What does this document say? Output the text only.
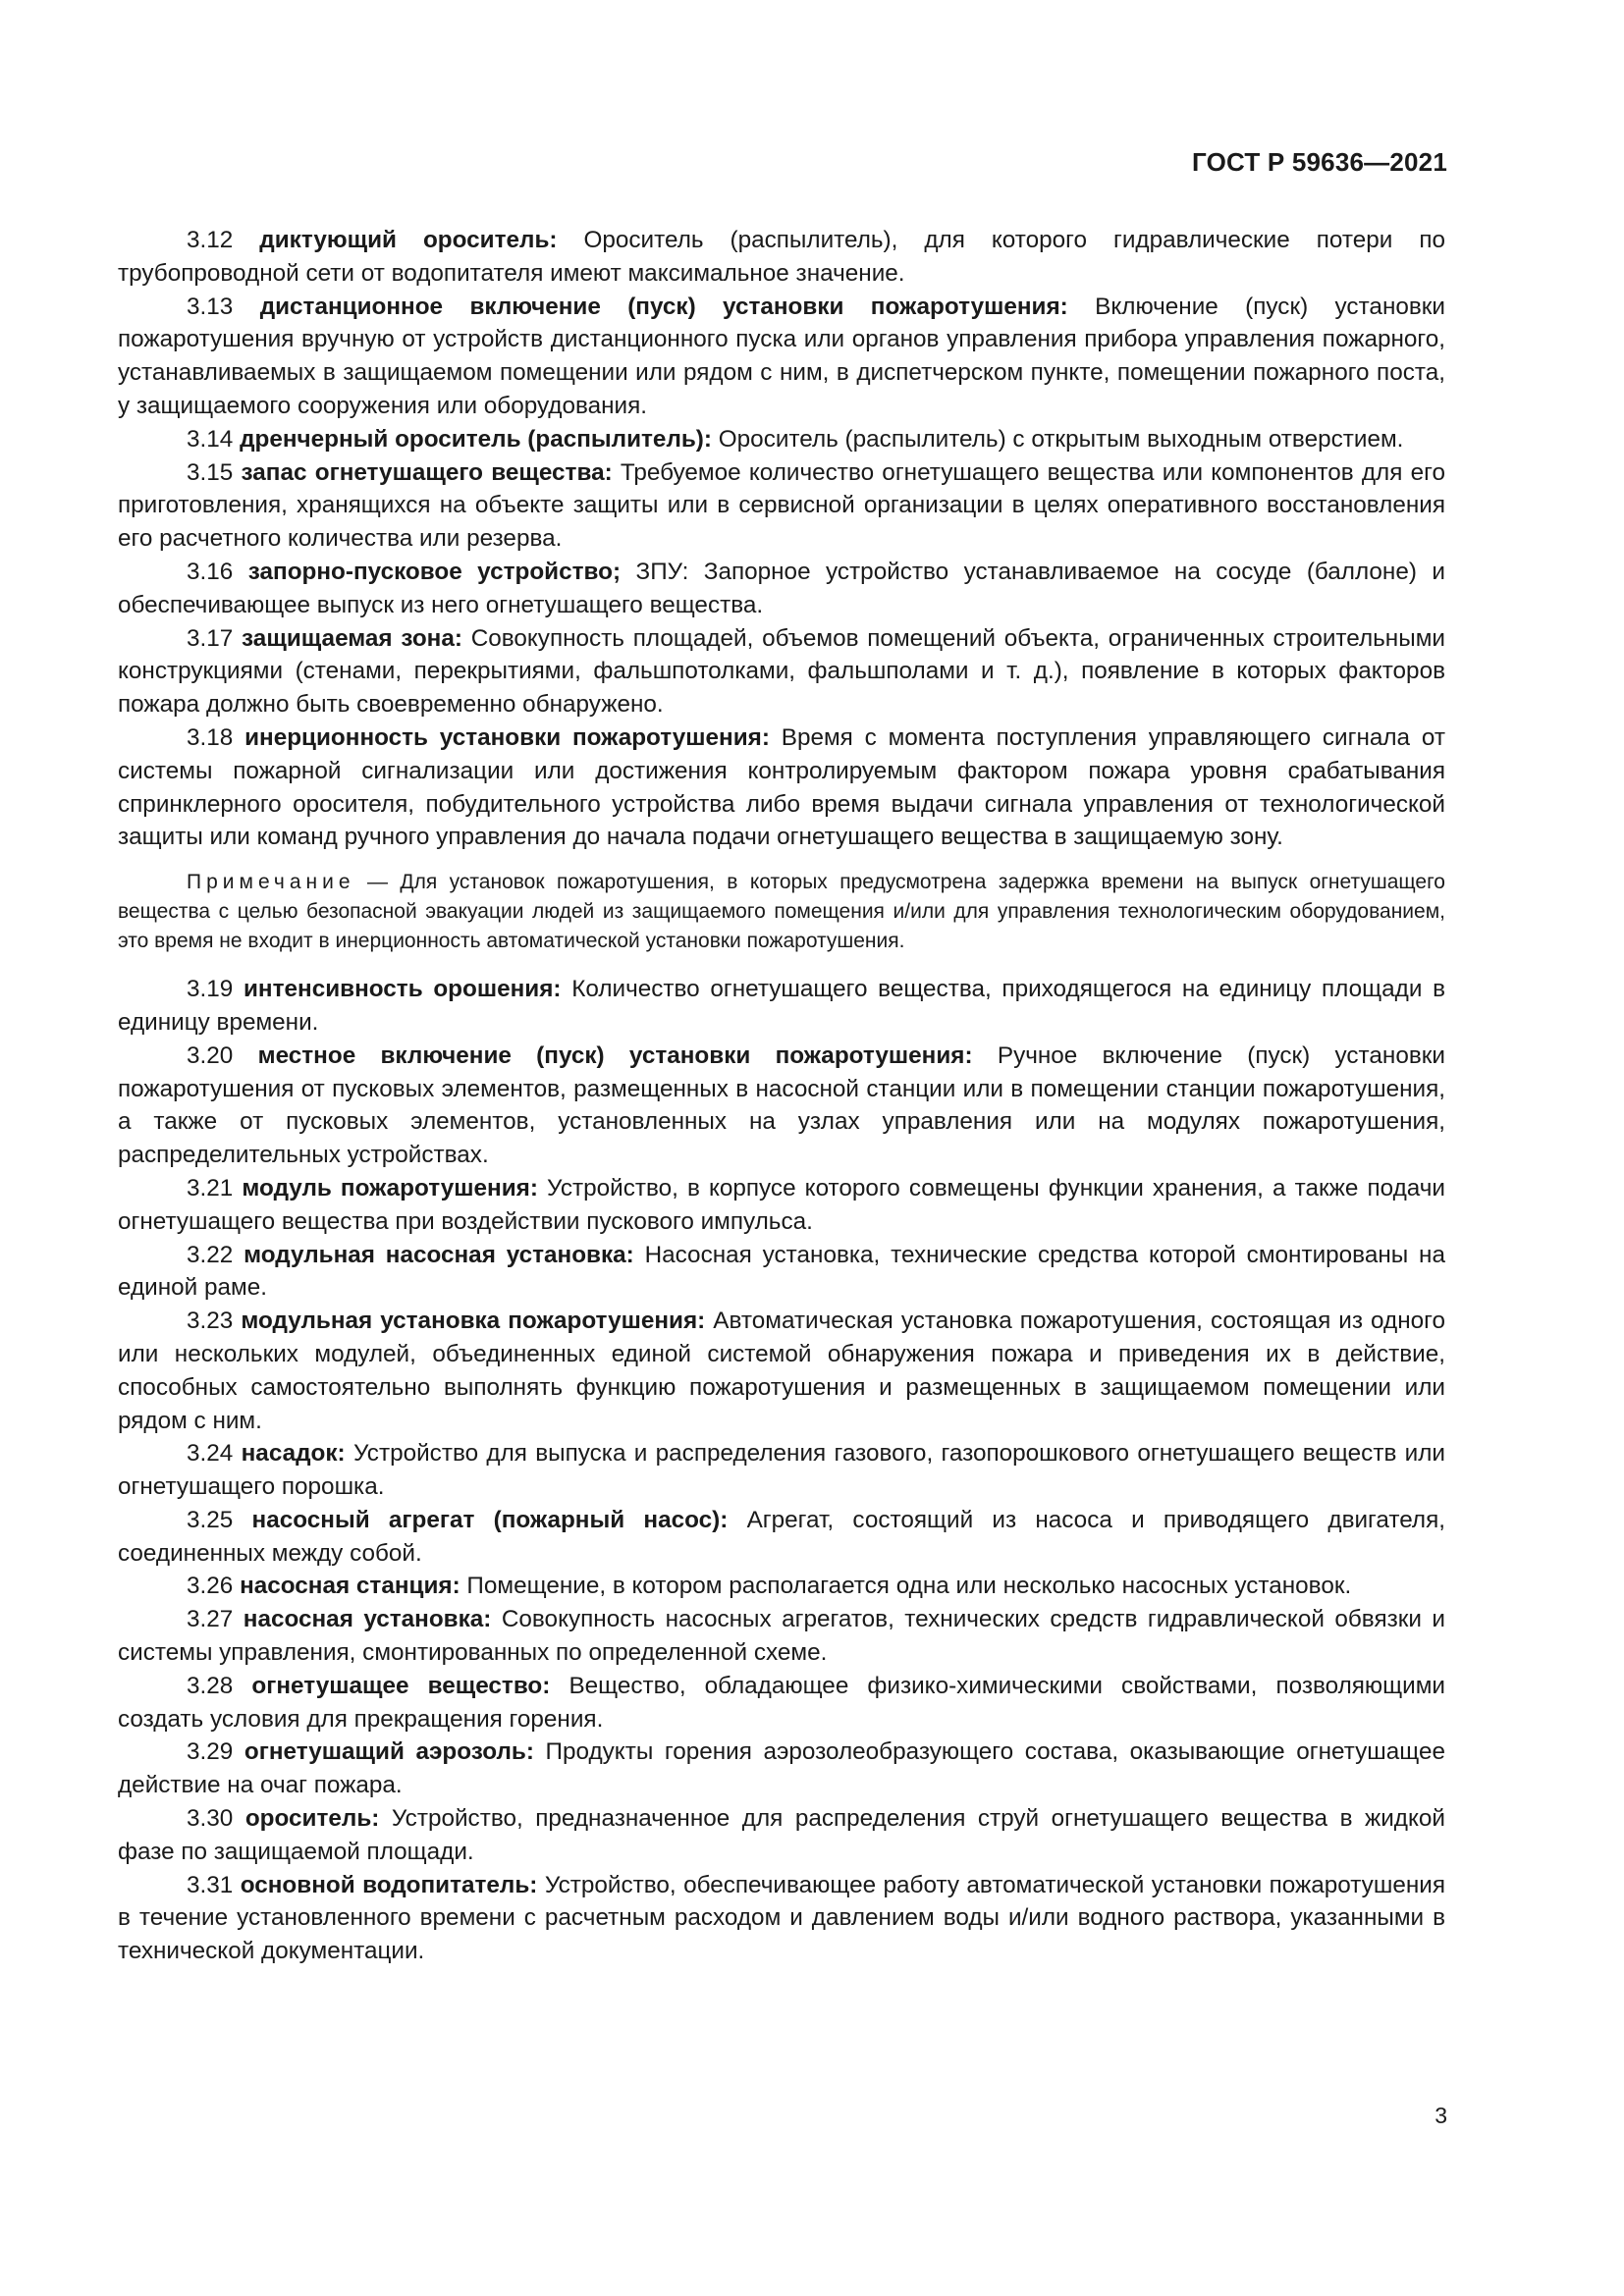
ГОСТ Р 59636—2021

3.12 диктующий ороситель: Ороситель (распылитель), для которого гидравлические потери по трубопроводной сети от водопитателя имеют максимальное значение.

3.13 дистанционное включение (пуск) установки пожаротушения: Включение (пуск) установки пожаротушения вручную от устройств дистанционного пуска или органов управления прибора управления пожарного, устанавливаемых в защищаемом помещении или рядом с ним, в диспетчерском пункте, помещении пожарного поста, у защищаемого сооружения или оборудования.

3.14 дренчерный ороситель (распылитель): Ороситель (распылитель) с открытым выходным отверстием.

3.15 запас огнетушащего вещества: Требуемое количество огнетушащего вещества или компонентов для его приготовления, хранящихся на объекте защиты или в сервисной организации в целях оперативного восстановления его расчетного количества или резерва.

3.16 запорно-пусковое устройство; ЗПУ: Запорное устройство устанавливаемое на сосуде (баллоне) и обеспечивающее выпуск из него огнетушащего вещества.

3.17 защищаемая зона: Совокупность площадей, объемов помещений объекта, ограниченных строительными конструкциями (стенами, перекрытиями, фальшпотолками, фальшполами и т. д.), появление в которых факторов пожара должно быть своевременно обнаружено.

3.18 инерционность установки пожаротушения: Время с момента поступления управляющего сигнала от системы пожарной сигнализации или достижения контролируемым фактором пожара уровня срабатывания спринклерного оросителя, побудительного устройства либо время выдачи сигнала управления от технологической защиты или команд ручного управления до начала подачи огнетушащего вещества в защищаемую зону.

Примечание — Для установок пожаротушения, в которых предусмотрена задержка времени на выпуск огнетушащего вещества с целью безопасной эвакуации людей из защищаемого помещения и/или для управления технологическим оборудованием, это время не входит в инерционность автоматической установки пожаротушения.

3.19 интенсивность орошения: Количество огнетушащего вещества, приходящегося на единицу площади в единицу времени.

3.20 местное включение (пуск) установки пожаротушения: Ручное включение (пуск) установки пожаротушения от пусковых элементов, размещенных в насосной станции или в помещении станции пожаротушения, а также от пусковых элементов, установленных на узлах управления или на модулях пожаротушения, распределительных устройствах.

3.21 модуль пожаротушения: Устройство, в корпусе которого совмещены функции хранения, а также подачи огнетушащего вещества при воздействии пускового импульса.

3.22 модульная насосная установка: Насосная установка, технические средства которой смонтированы на единой раме.

3.23 модульная установка пожаротушения: Автоматическая установка пожаротушения, состоящая из одного или нескольких модулей, объединенных единой системой обнаружения пожара и приведения их в действие, способных самостоятельно выполнять функцию пожаротушения и размещенных в защищаемом помещении или рядом с ним.

3.24 насадок: Устройство для выпуска и распределения газового, газопорошкового огнетушащего веществ или огнетушащего порошка.

3.25 насосный агрегат (пожарный насос): Агрегат, состоящий из насоса и приводящего двигателя, соединенных между собой.

3.26 насосная станция: Помещение, в котором располагается одна или несколько насосных установок.

3.27 насосная установка: Совокупность насосных агрегатов, технических средств гидравлической обвязки и системы управления, смонтированных по определенной схеме.

3.28 огнетушащее вещество: Вещество, обладающее физико-химическими свойствами, позволяющими создать условия для прекращения горения.

3.29 огнетушащий аэрозоль: Продукты горения аэрозолеобразующего состава, оказывающие огнетушащее действие на очаг пожара.

3.30 ороситель: Устройство, предназначенное для распределения струй огнетушащего вещества в жидкой фазе по защищаемой площади.

3.31 основной водопитатель: Устройство, обеспечивающее работу автоматической установки пожаротушения в течение установленного времени с расчетным расходом и давлением воды и/или водного раствора, указанными в технической документации.

3
